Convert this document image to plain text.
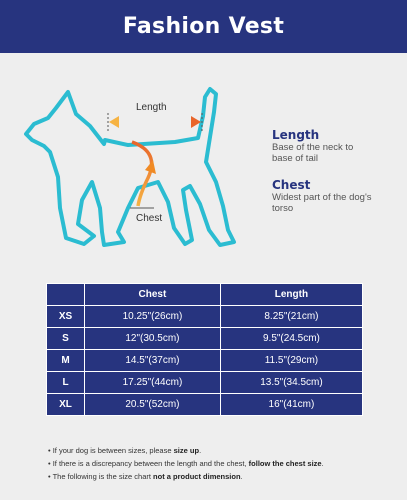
Fashion Vest
Length
Chest
Length
Base of the neck to base of tail
Chest
Widest part of the dog's torso
	Chest	Length
XS	10.25"(26cm)	8.25"(21cm)
S	12"(30.5cm)	9.5"(24.5cm)
M	14.5"(37cm)	11.5"(29cm)
L	17.25"(44cm)	13.5"(34.5cm)
XL	20.5"(52cm)	16"(41cm)
• If your dog is between sizes, please size up.
• If there is a discrepancy between the length and the chest, follow the chest size.
• The following is the size chart not a product dimension.
